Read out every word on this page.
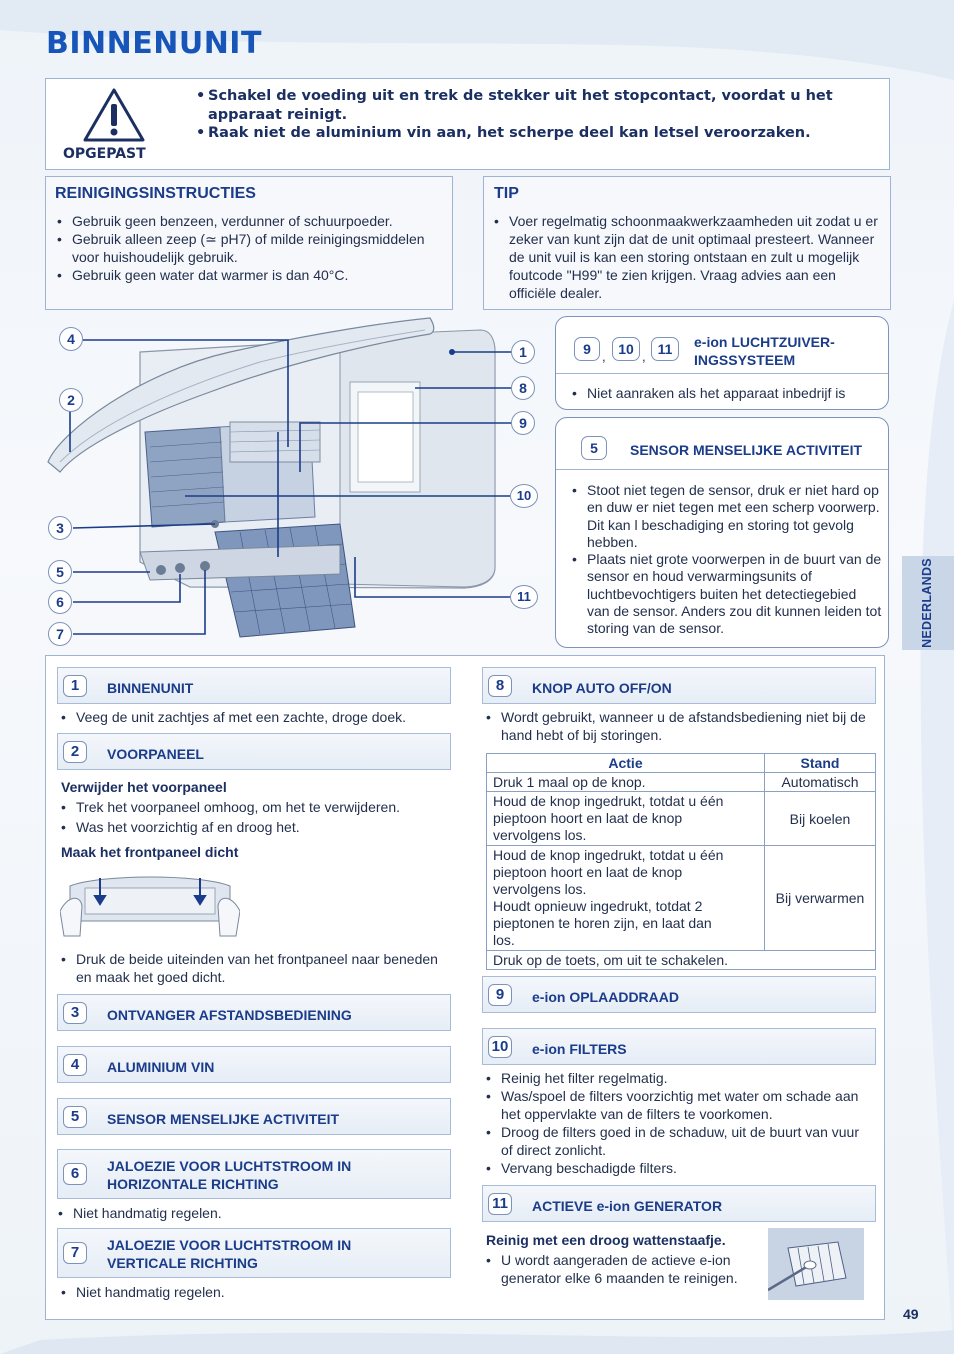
BINNENUNIT
OPGEPAST
• Schakel de voeding uit en trek de stekker uit het stopcontact, voordat u het apparaat reinigt.
• Raak niet de aluminium vin aan, het scherpe deel kan letsel veroorzaken.
REINIGINGSINSTRUCTIES
• Gebruik geen benzeen, verdunner of schuurpoeder.
• Gebruik alleen zeep (≃ pH7) of milde reinigingsmiddelen voor huishoudelijk gebruik.
• Gebruik geen water dat warmer is dan 40°C.
TIP
• Voer regelmatig schoonmaakwerkzaamheden uit zodat u er zeker van kunt zijn dat de unit optimaal presteert. Wanneer de unit vuil is kan een storing ontstaan en zult u mogelijk foutcode "H99" te zien krijgen. Vraag advies aan een officiële dealer.
4
2
3
5
6
7
1
8
9
10
11
9 , 10 , 11	e-ion LUCHTZUIVER-
INGSSYSTEEM
• Niet aanraken als het apparaat inbedrijf is
5	SENSOR MENSELIJKE ACTIVITEIT
• Stoot niet tegen de sensor, druk er niet hard op en duw er niet tegen met een scherp voorwerp. Dit kan l beschadiging en storing tot gevolg hebben.
• Plaats niet grote voorwerpen in de buurt van de sensor en houd verwarmingsunits of luchtbevochtigers buiten het detectiegebied van de sensor. Anders zou dit kunnen leiden tot storing van de sensor.	NEDERLANDS
1	BINNENUNIT
• Veeg de unit zachtjes af met een zachte, droge doek.
2	VOORPANEEL
Verwijder het voorpaneel
• Trek het voorpaneel omhoog, om het te verwijderen.
• Was het voorzichtig af en droog het.
Maak het frontpaneel dicht
• Druk de beide uiteinden van het frontpaneel naar beneden en maak het goed dicht.
3	ONTVANGER AFSTANDSBEDIENING
4	ALUMINIUM VIN
5	SENSOR MENSELIJKE ACTIVITEIT
6	JALOEZIE VOOR LUCHTSTROOM IN
HORIZONTALE RICHTING
• Niet handmatig regelen.
7	JALOEZIE VOOR LUCHTSTROOM IN
VERTICALE RICHTING
• Niet handmatig regelen.
8	KNOP AUTO OFF/ON
• Wordt gebruikt, wanneer u de afstandsbediening niet bij de hand hebt of bij storingen.
Actie	Stand
Druk 1 maal op de knop.	Automatisch
Houd de knop ingedrukt, totdat u één pieptoon hoort en laat de knop vervolgens los.	Bij koelen

Houd de knop ingedrukt, totdat u één pieptoon hoort en laat de knop vervolgens los.
Houdt opnieuw ingedrukt, totdat 2 pieptonen te horen zijn, en laat dan los.	Bij verwarmen
Druk op de toets, om uit te schakelen.	
9	e-ion OPLAADDRAAD
10 e-ion FILTERS
• Reinig het filter regelmatig.
• Was/spoel de filters voorzichtig met water om schade aan het oppervlakte van de filters te voorkomen.
• Droog de filters goed in de schaduw, uit de buurt van vuur of direct zonlicht.
• Vervang beschadigde filters.
11 ACTIEVE e-ion GENERATOR
Reinig met een droog wattenstaafje.
• U wordt aangeraden de actieve e-ion generator elke 6 maanden te reinigen.
49
